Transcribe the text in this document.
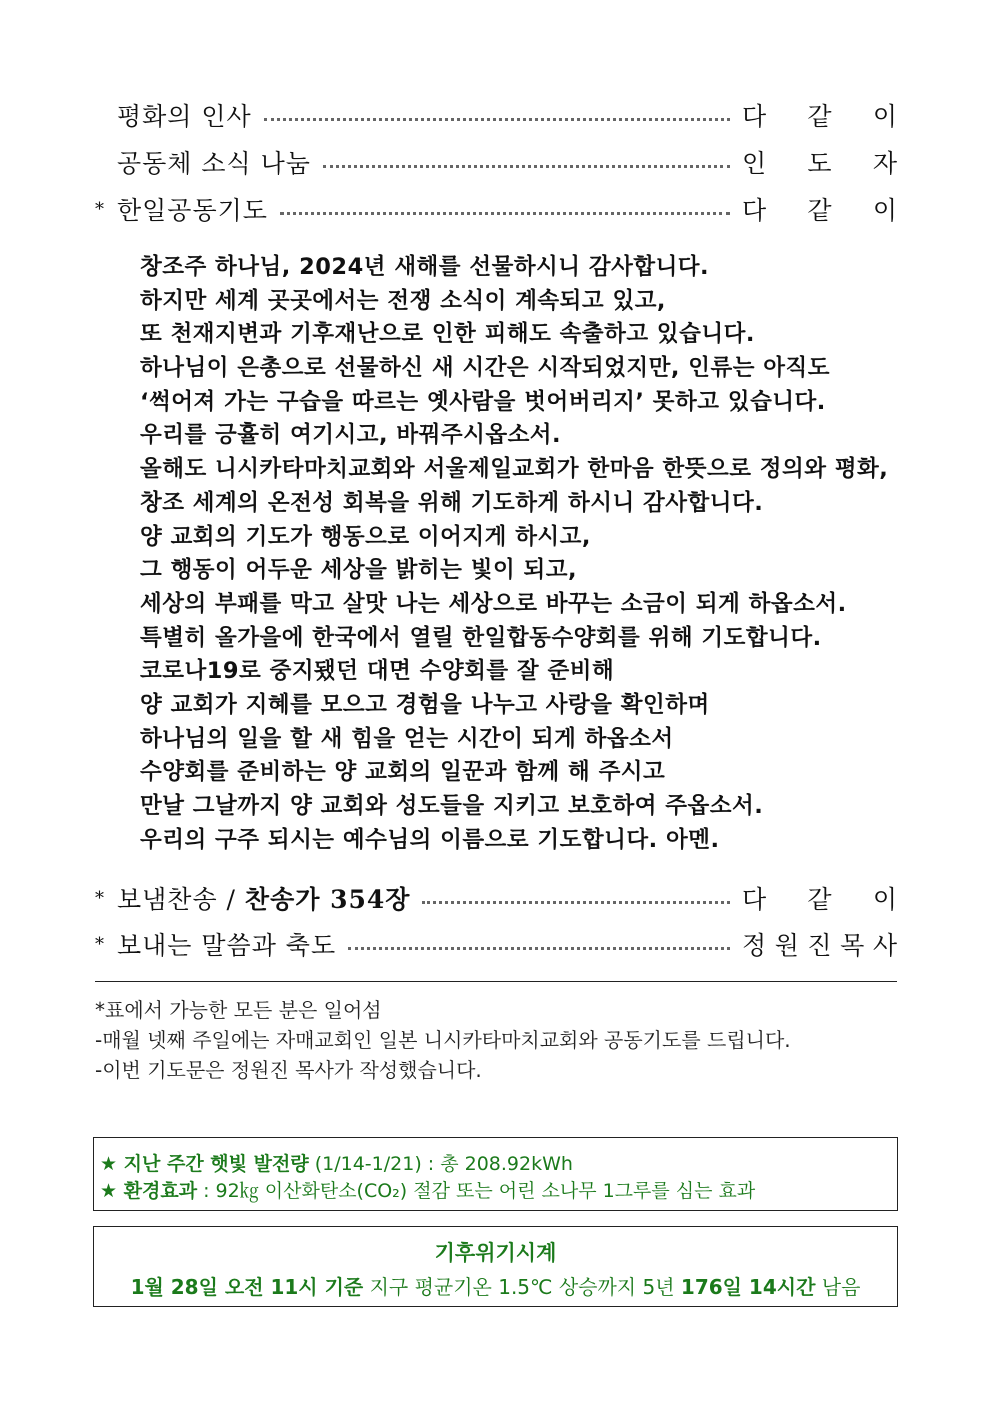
평화의 인사	다 같 이
공동체 소식 나눔	인 도 자
* 한일공동기도	다 같 이
창조주 하나님, 2024년 새해를 선물하시니 감사합니다.
하지만 세계 곳곳에서는 전쟁 소식이 계속되고 있고,
또 천재지변과 기후재난으로 인한 피해도 속출하고 있습니다.
하나님이 은총으로 선물하신 새 시간은 시작되었지만, 인류는 아직도
‘썩어져 가는 구습을 따르는 옛사람을 벗어버리지’ 못하고 있습니다.
우리를 긍휼히 여기시고, 바꿔주시옵소서.
올해도 니시카타마치교회와 서울제일교회가 한마음 한뜻으로 정의와 평화,
창조 세계의 온전성 회복을 위해 기도하게 하시니 감사합니다.
양 교회의 기도가 행동으로 이어지게 하시고,
그 행동이 어두운 세상을 밝히는 빛이 되고,
세상의 부패를 막고 살맛 나는 세상으로 바꾸는 소금이 되게 하옵소서.
특별히 올가을에 한국에서 열릴 한일합동수양회를 위해 기도합니다.
코로나19로 중지됐던 대면 수양회를 잘 준비해
양 교회가 지혜를 모으고 경험을 나누고 사랑을 확인하며
하나님의 일을 할 새 힘을 얻는 시간이 되게 하옵소서
수양회를 준비하는 양 교회의 일꾼과 함께 해 주시고
만날 그날까지 양 교회와 성도들을 지키고 보호하여 주옵소서.
우리의 구주 되시는 예수님의 이름으로 기도합니다. 아멘.
* 보냄찬송 / 찬송가 354장	다 같 이
* 보내는 말씀과 축도	정 원 진 목 사
*표에서 가능한 모든 분은 일어섬
-매월 넷째 주일에는 자매교회인 일본 니시카타마치교회와 공동기도를 드립니다.
-이번 기도문은 정원진 목사가 작성했습니다.
★ 지난 주간 햇빛 발전량 (1/14-1/21) : 총 208.92kWh
★ 환경효과 : 92㎏ 이산화탄소(CO₂) 절감 또는 어린 소나무 1그루를 심는 효과
기후위기시계
1월 28일 오전 11시 기준 지구 평균기온 1.5℃ 상승까지 5년 176일 14시간 남음
